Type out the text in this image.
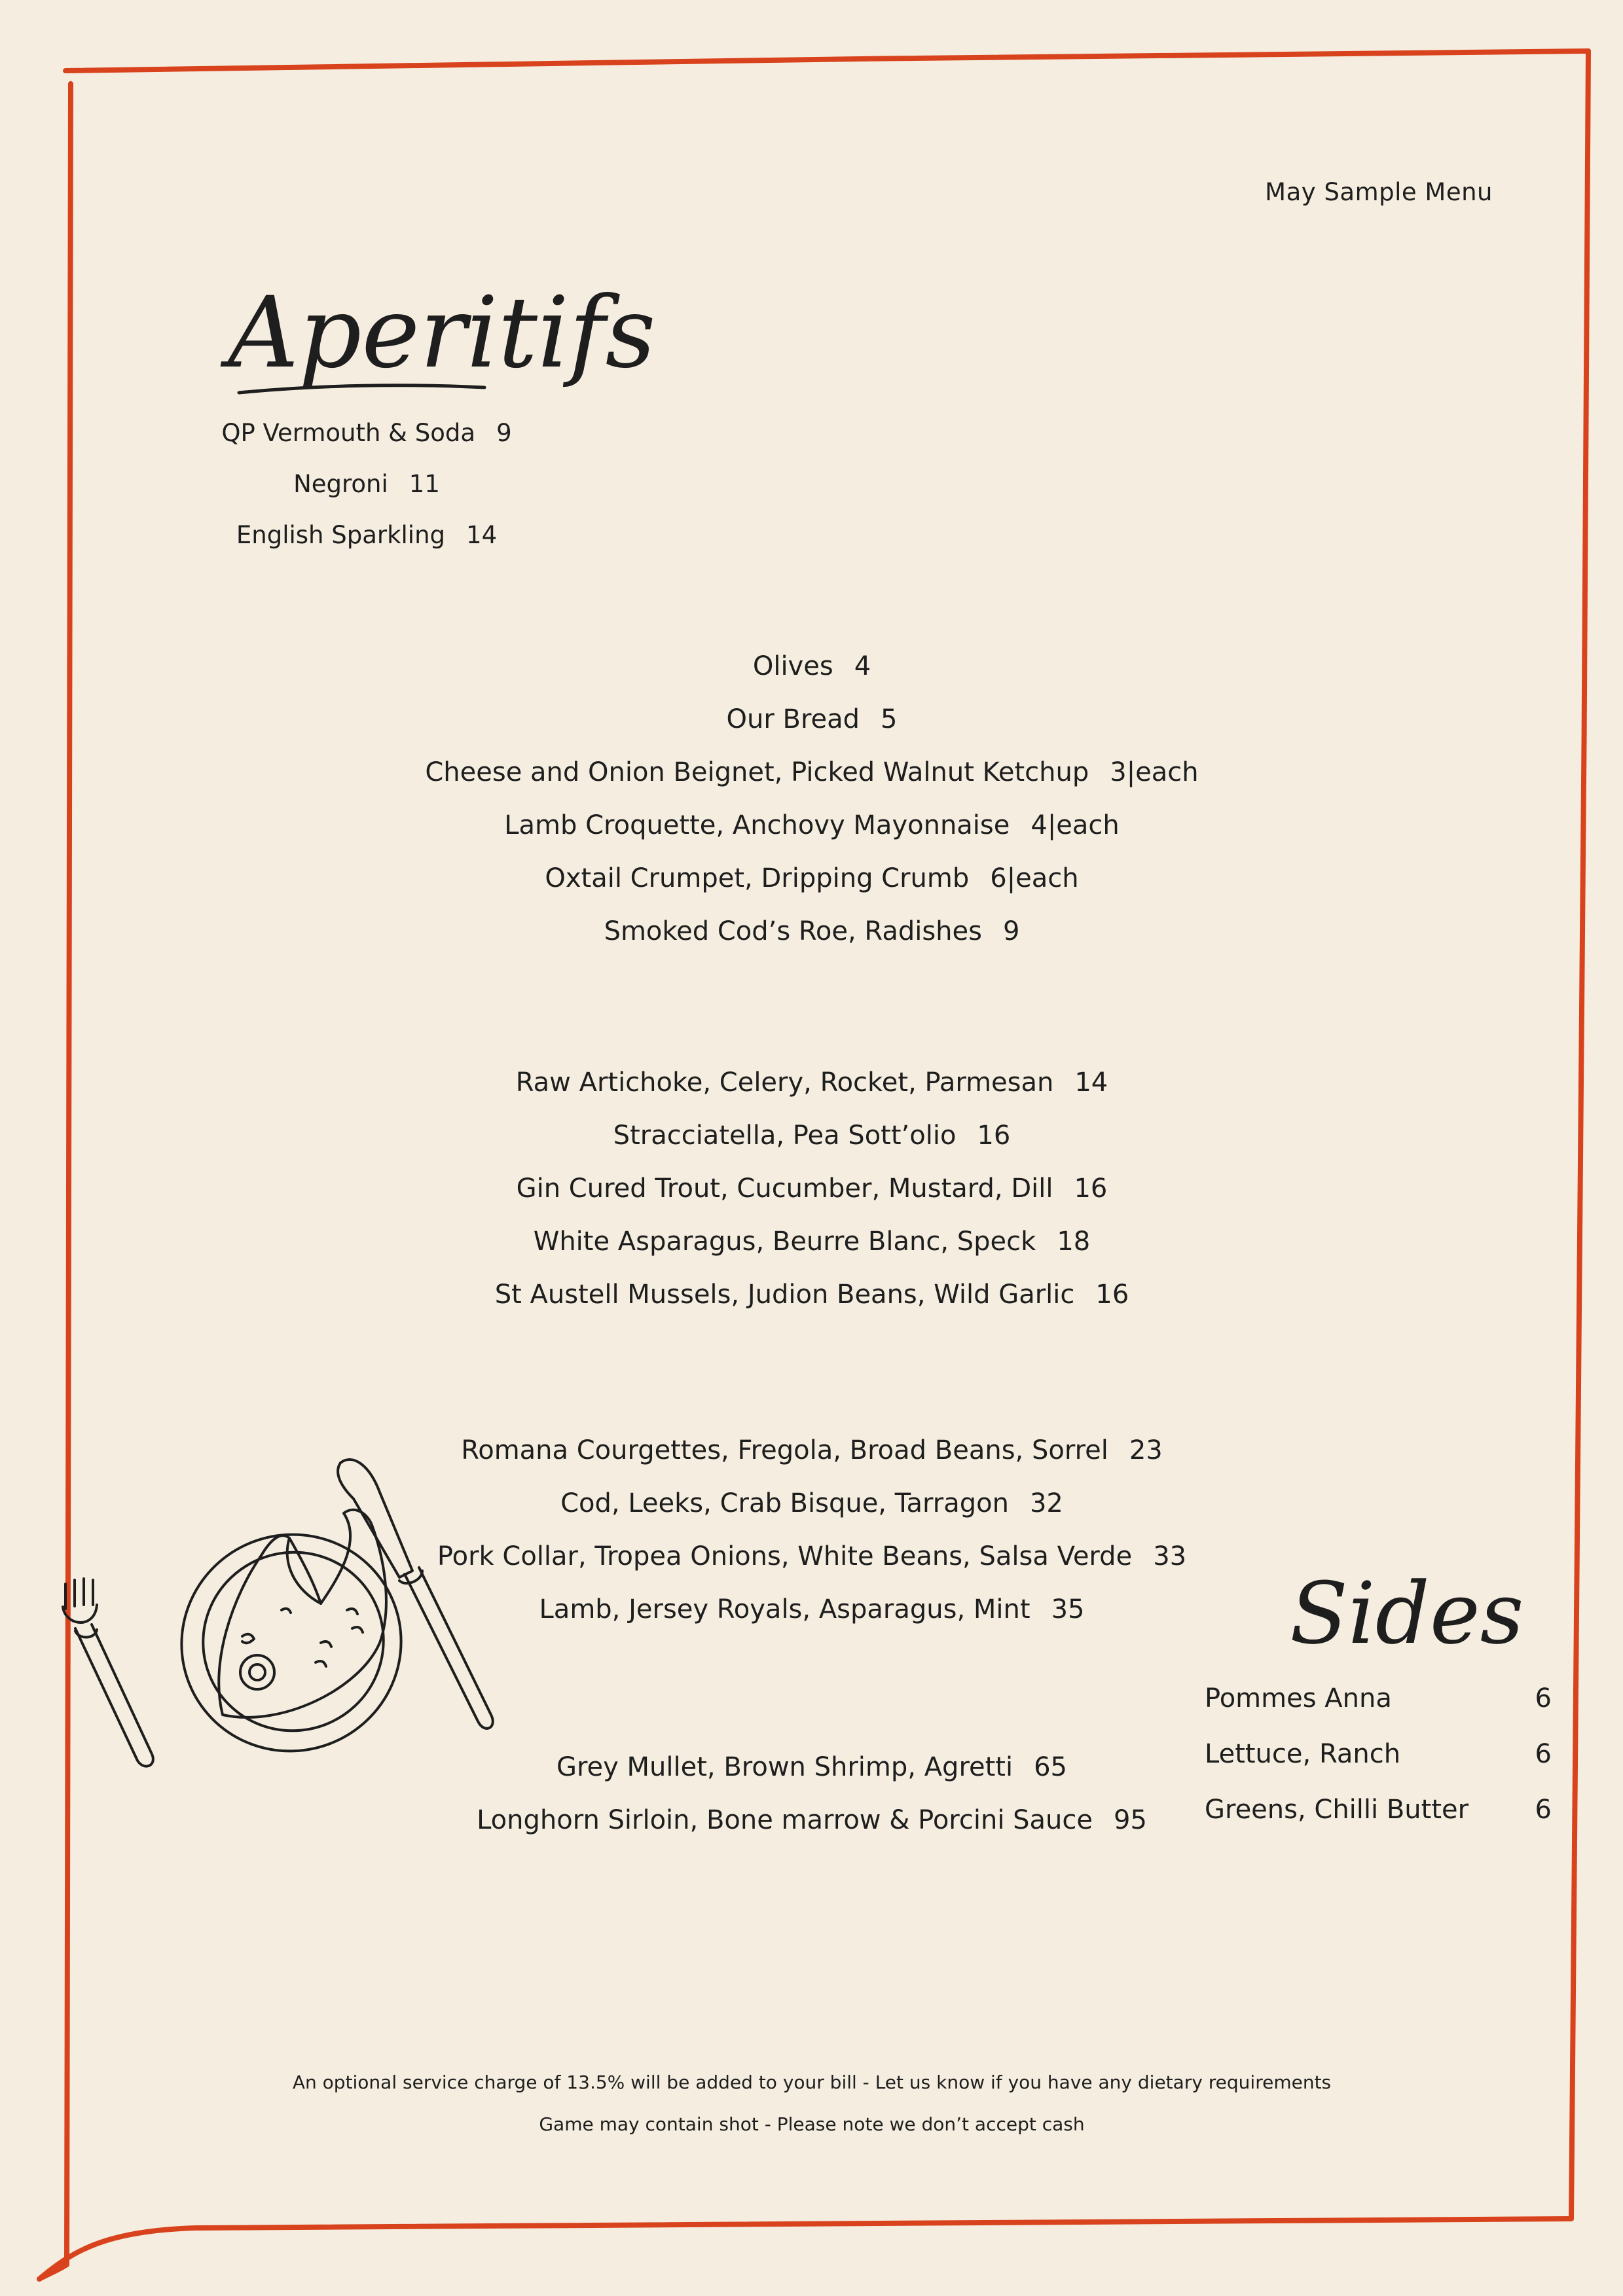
May Sample Menu
Aperitifs
QP Vermouth & Soda 9
Negroni 11
English Sparkling 14
Olives 4
Our Bread 5
Cheese and Onion Beignet, Picked Walnut Ketchup 3|each
Lamb Croquette, Anchovy Mayonnaise 4|each
Oxtail Crumpet, Dripping Crumb 6|each
Smoked Cod’s Roe, Radishes 9
Raw Artichoke, Celery, Rocket, Parmesan 14
Stracciatella, Pea Sott’olio 16
Gin Cured Trout, Cucumber, Mustard, Dill 16
White Asparagus, Beurre Blanc, Speck 18
St Austell Mussels, Judion Beans, Wild Garlic 16
Romana Courgettes, Fregola, Broad Beans, Sorrel 23
Cod, Leeks, Crab Bisque, Tarragon 32
Pork Collar, Tropea Onions, White Beans, Salsa Verde 33
Lamb, Jersey Royals, Asparagus, Mint 35
Grey Mullet, Brown Shrimp, Agretti 65
Longhorn Sirloin, Bone marrow & Porcini Sauce 95
Sides
Pommes Anna	6
Lettuce, Ranch	6
Greens, Chilli Butter	6
An optional service charge of 13.5% will be added to your bill - Let us know if you have any dietary requirements
Game may contain shot - Please note we don’t accept cash
